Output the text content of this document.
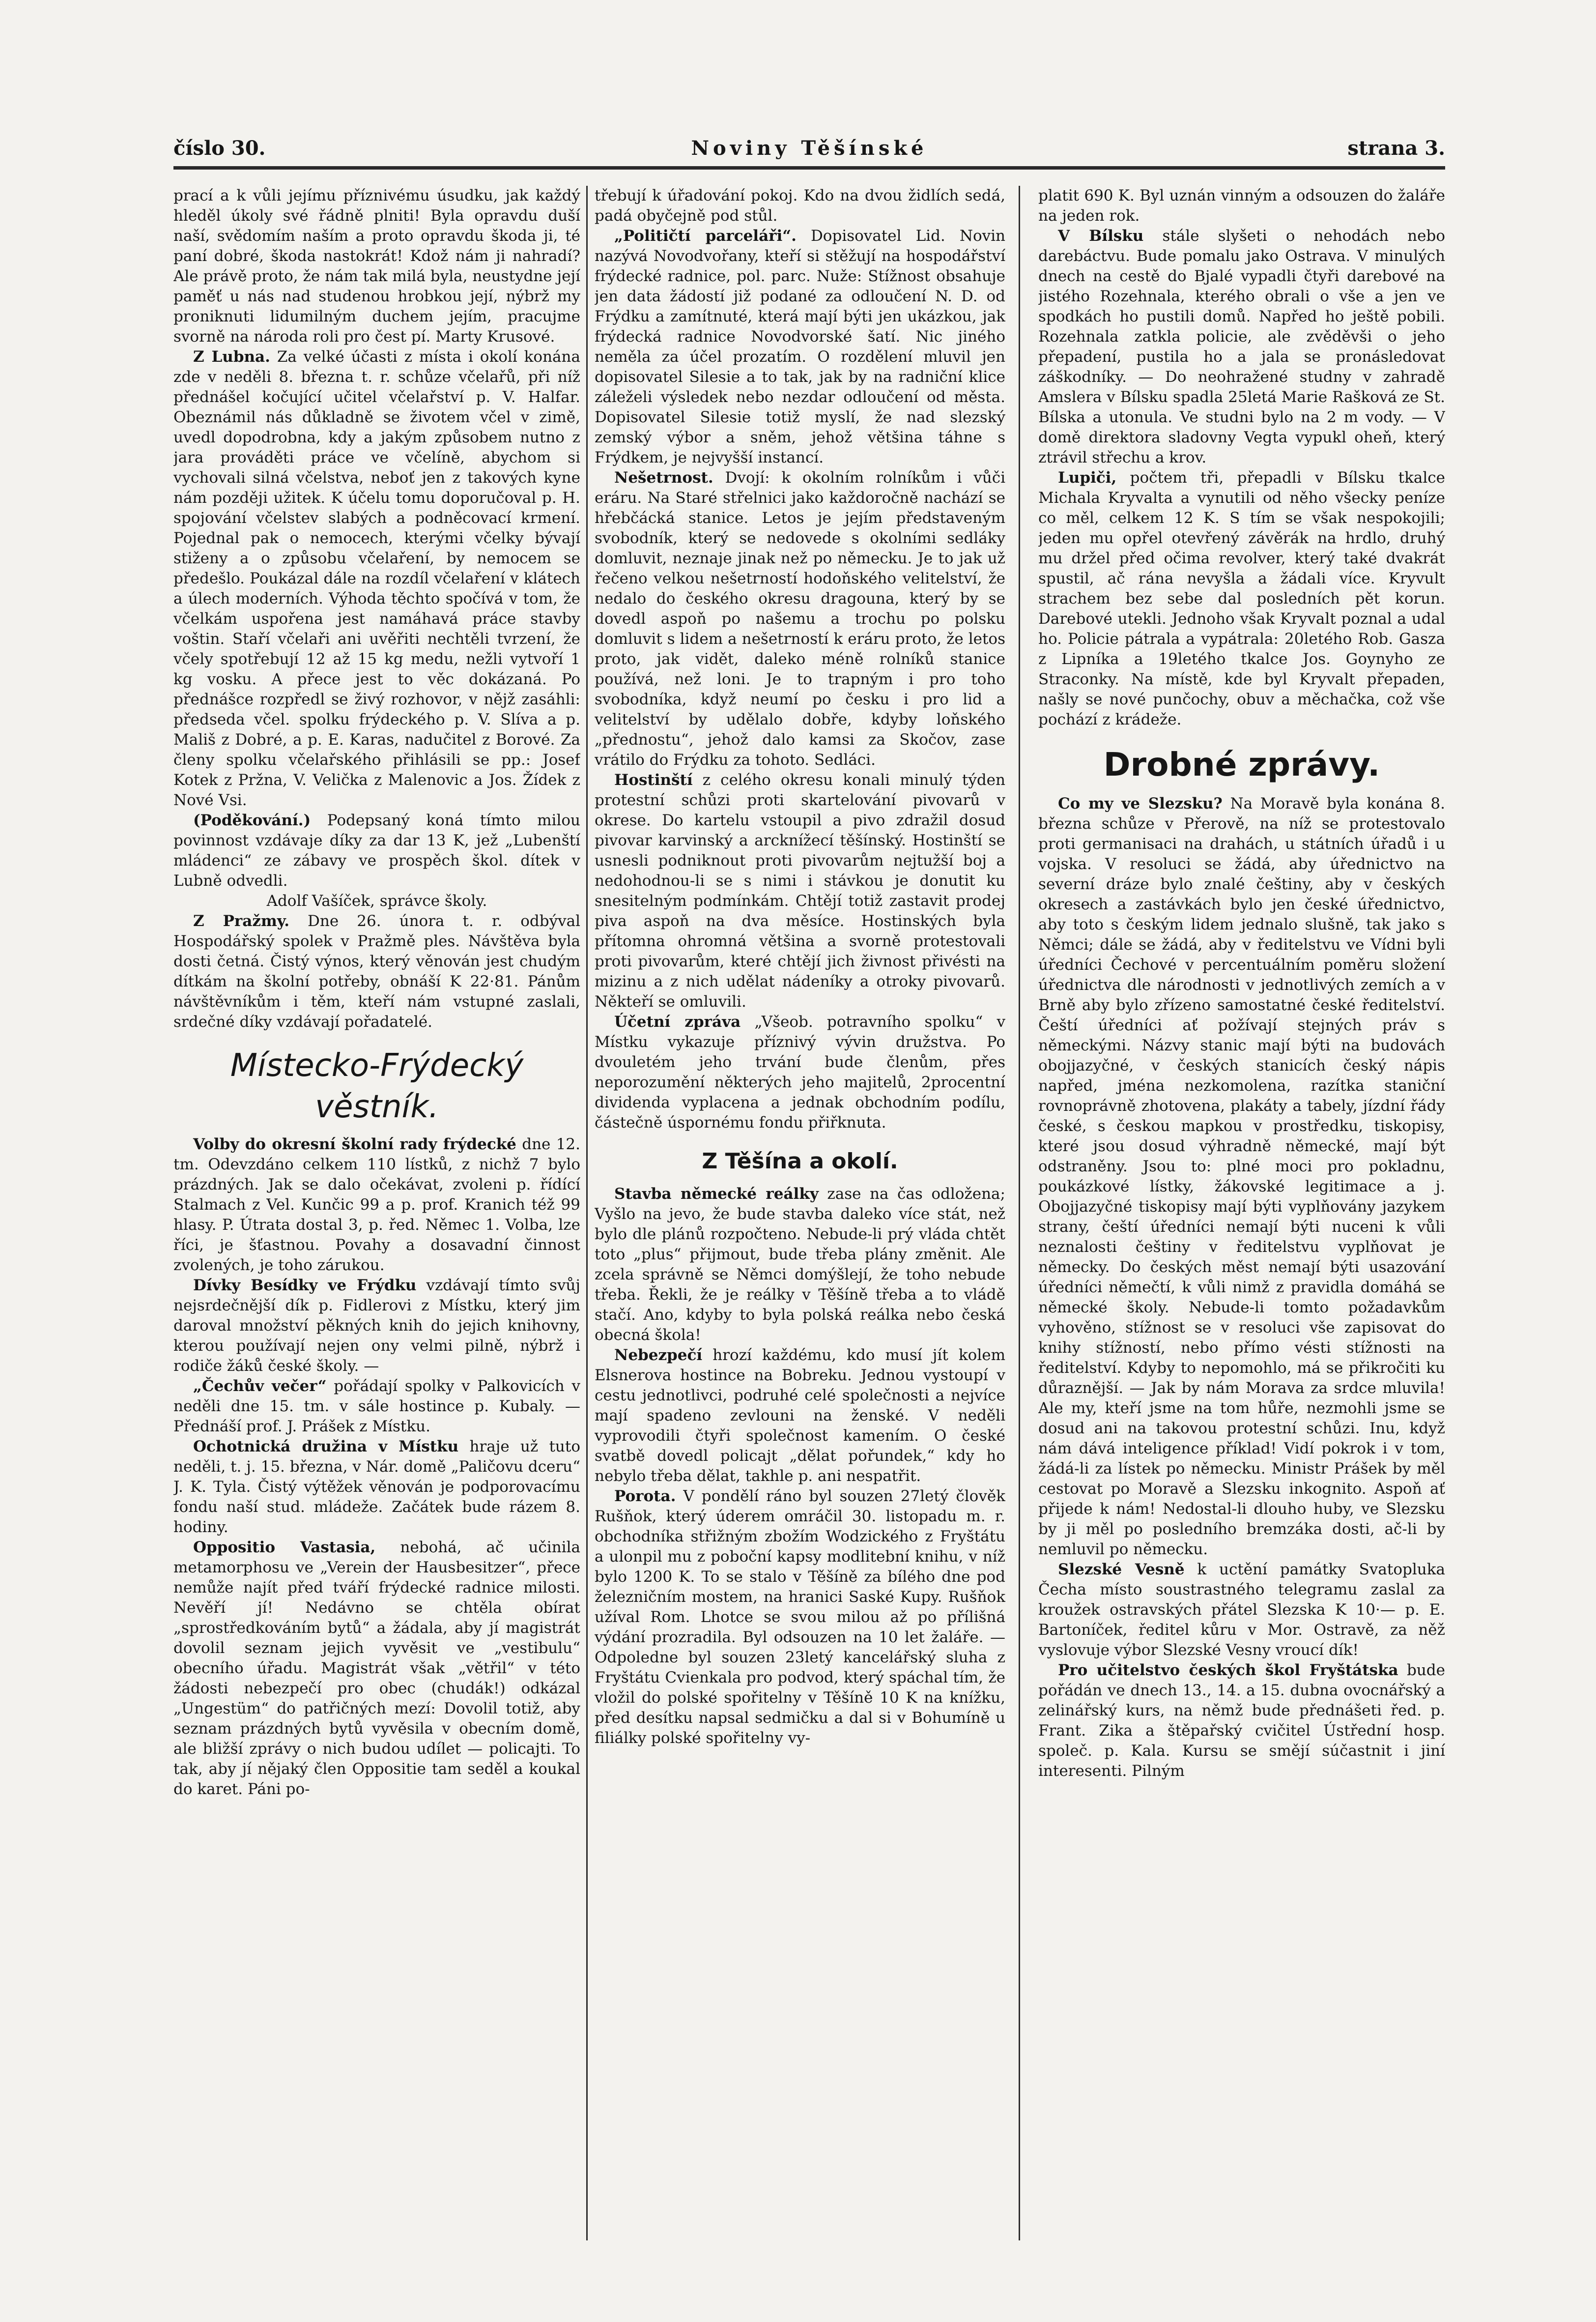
číslo 30.	Noviny Těšínské	strana 3.

prací a k vůli jejímu příznivému úsudku, jak každý hleděl úkoly své řádně plniti! Byla opravdu duší naší, svědomím naším a proto opravdu škoda ji, té paní dobré, škoda nastokrát! Kdož nám ji nahradí? Ale právě proto, že nám tak milá byla, neustydne její paměť u nás nad studenou hrobkou její, nýbrž my proniknuti lidumilným duchem jejím, pracujme svorně na národa roli pro čest pí. Marty Krusové.

Z Lubna. Za velké účasti z místa i okolí konána zde v neděli 8. března t. r. schůze včelařů, při níž přednášel kočující učitel včelařství p. V. Halfar. Obeznámil nás důkladně se životem včel v zimě, uvedl dopodrobna, kdy a jakým způsobem nutno z jara prováděti práce ve včelíně, abychom si vychovali silná včelstva, neboť jen z takových kyne nám později užitek. K účelu tomu doporučoval p. H. spojování včelstev slabých a podněcovací krmení. Pojednal pak o nemocech, kterými včelky bývají stiženy a o způsobu včelaření, by nemocem se předešlo. Poukázal dále na rozdíl včelaření v klátech a úlech moderních. Výhoda těchto spočívá v tom, že včelkám uspořena jest namáhavá práce stavby voštin. Staří včelaři ani uvěřiti nechtěli tvrzení, že včely spotřebují 12 až 15 kg medu, nežli vytvoří 1 kg vosku. A přece jest to věc dokázaná. Po přednášce rozpředl se živý rozhovor, v nějž zasáhli: předseda včel. spolku frýdeckého p. V. Slíva a p. Mališ z Dobré, a p. E. Karas, nadučitel z Borové. Za členy spolku včelařského přihlásili se pp.: Josef Kotek z Pržna, V. Velička z Malenovic a Jos. Žídek z Nové Vsi.

(Poděkování.) Podepsaný koná tímto milou povinnost vzdávaje díky za dar 13 K, jež „Lubenští mládenci“ ze zábavy ve prospěch škol. dítek v Lubně odvedli.

Adolf Vašíček, správce školy.

Z Pražmy. Dne 26. února t. r. odbýval Hospodářský spolek v Pražmě ples. Návštěva byla dosti četná. Čistý výnos, který věnován jest chudým dítkám na školní potřeby, obnáší K 22·81. Pánům návštěvníkům i těm, kteří nám vstupné zaslali, srdečné díky vzdávají pořadatelé.

Místecko-Frýdecký věstník.

Volby do okresní školní rady frýdecké dne 12. tm. Odevzdáno celkem 110 lístků, z nichž 7 bylo prázdných. Jak se dalo očekávat, zvoleni p. řídící Stalmach z Vel. Kunčic 99 a p. prof. Kranich též 99 hlasy. P. Útrata dostal 3, p. řed. Němec 1. Volba, lze říci, je šťastnou. Povahy a dosavadní činnost zvolených, je toho zárukou.

Dívky Besídky ve Frýdku vzdávají tímto svůj nejsrdečnější dík p. Fidlerovi z Místku, který jim daroval množství pěkných knih do jejich knihovny, kterou používají nejen ony velmi pilně, nýbrž i rodiče žáků české školy. —

„Čechův večer“ pořádají spolky v Palkovicích v neděli dne 15. tm. v sále hostince p. Kubaly. — Přednáší prof. J. Prášek z Místku.

Ochotnická družina v Místku hraje už tuto neděli, t. j. 15. března, v Nár. domě „Paličovu dceru“ J. K. Tyla. Čistý výtěžek věnován je podporovacímu fondu naší stud. mládeže. Začátek bude rázem 8. hodiny.

Oppositio Vastasia, nebohá, ač učinila metamorphosu ve „Verein der Hausbesitzer“, přece nemůže najít před tváří frýdecké radnice milosti. Nevěří jí! Nedávno se chtěla obírat „sprostředkováním bytů“ a žádala, aby jí magistrát dovolil seznam jejich vyvěsit ve „vestibulu“ obecního úřadu. Magistrát však „větřil“ v této žádosti nebezpečí pro obec (chudák!) odkázal „Ungestüm“ do patřičných mezí: Dovolil totiž, aby seznam prázdných bytů vyvěsila v obecním domě, ale bližší zprávy o nich budou udílet — policajti. To tak, aby jí nějaký člen Oppositie tam seděl a koukal do karet. Páni po-

třebují k úřadování pokoj. Kdo na dvou židlích sedá, padá obyčejně pod stůl.

„Političtí parceláři“. Dopisovatel Lid. Novin nazývá Novodvořany, kteří si stěžují na hospodářství frýdecké radnice, pol. parc. Nuže: Stížnost obsahuje jen data žádostí již podané za odloučení N. D. od Frýdku a zamítnuté, která mají býti jen ukázkou, jak frýdecká radnice Novodvorské šatí. Nic jiného neměla za účel prozatím. O rozdělení mluvil jen dopisovatel Silesie a to tak, jak by na radniční klice záleželi výsledek nebo nezdar odloučení od města. Dopisovatel Silesie totiž myslí, že nad slezský zemský výbor a sněm, jehož většina táhne s Frýdkem, je nejvyšší instancí.

Nešetrnost. Dvojí: k okolním rolníkům i vůči eráru. Na Staré střelnici jako každoročně nachází se hřebčácká stanice. Letos je jejím představeným svobodník, který se nedovede s okolními sedláky domluvit, neznaje jinak než po německu. Je to jak už řečeno velkou nešetrností hodoňského velitelství, že nedalo do českého okresu dragouna, který by se dovedl aspoň po našemu a trochu po polsku domluvit s lidem a nešetrností k eráru proto, že letos proto, jak vidět, daleko méně rolníků stanice používá, než loni. Je to trapným i pro toho svobodníka, když neumí po česku i pro lid a velitelství by udělalo dobře, kdyby loňského „přednostu“, jehož dalo kamsi za Skočov, zase vrátilo do Frýdku za tohoto. Sedláci.

Hostinští z celého okresu konali minulý týden protestní schůzi proti skartelování pivovarů v okrese. Do kartelu vstoupil a pivo zdražil dosud pivovar karvinský a arcknížecí těšínský. Hostinští se usnesli podniknout proti pivovarům nejtužší boj a nedohodnou-li se s nimi i stávkou je donutit ku snesitelným podmínkám. Chtějí totiž zastavit prodej piva aspoň na dva měsíce. Hostinských byla přítomna ohromná většina a svorně protestovali proti pivovarům, které chtějí jich živnost přivésti na mizinu a z nich udělat nádeníky a otroky pivovarů. Někteří se omluvili.

Účetní zpráva „Všeob. potravního spolku“ v Místku vykazuje příznivý vývin družstva. Po dvouletém jeho trvání bude členům, přes neporozumění některých jeho majitelů, 2procentní dividenda vyplacena a jednak obchodním podílu, částečně úspornému fondu přiřknuta.

Z Těšína a okolí.

Stavba německé reálky zase na čas odložena; Vyšlo na jevo, že bude stavba daleko více stát, než bylo dle plánů rozpočteno. Nebude-li prý vláda chtět toto „plus“ přijmout, bude třeba plány změnit. Ale zcela správně se Němci domýšlejí, že toho nebude třeba. Řekli, že je reálky v Těšíně třeba a to vládě stačí. Ano, kdyby to byla polská reálka nebo česká obecná škola!

Nebezpečí hrozí každému, kdo musí jít kolem Elsnerova hostince na Bobreku. Jednou vystoupí v cestu jednotlivci, podruhé celé společnosti a nejvíce mají spadeno zevlouni na ženské. V neděli vyprovodili čtyři společnost kamením. O české svatbě dovedl policajt „dělat pořundek,“ kdy ho nebylo třeba dělat, takhle p. ani nespatřit.

Porota. V pondělí ráno byl souzen 27letý člověk Rušňok, který úderem omráčil 30. listopadu m. r. obchodníka střižným zbožím Wodzického z Fryštátu a ulonpil mu z poboční kapsy modlitební knihu, v níž bylo 1200 K. To se stalo v Těšíně za bílého dne pod železničním mostem, na hranici Saské Kupy. Rušňok užíval Rom. Lhotce se svou milou až po přílišná výdání prozradila. Byl odsouzen na 10 let žaláře. — Odpoledne byl souzen 23letý kancelářský sluha z Fryštátu Cvienkala pro podvod, který spáchal tím, že vložil do polské spořitelny v Těšíně 10 K na knížku, před desítku napsal sedmičku a dal si v Bohumíně u filiálky polské spořitelny vy-

platit 690 K. Byl uznán vinným a odsouzen do žaláře na jeden rok.

V Bílsku stále slyšeti o nehodách nebo darebáctvu. Bude pomalu jako Ostrava. V minulých dnech na cestě do Bjalé vypadli čtyři darebové na jistého Rozehnala, kterého obrali o vše a jen ve spodkách ho pustili domů. Napřed ho ještě pobili. Rozehnala zatkla policie, ale zvěděvši o jeho přepadení, pustila ho a jala se pronásledovat záškodníky. — Do neohražené studny v zahradě Amslera v Bílsku spadla 25letá Marie Rašková ze St. Bílska a utonula. Ve studni bylo na 2 m vody. — V domě direktora sladovny Vegta vypukl oheň, který ztrávil střechu a krov.

Lupiči, počtem tři, přepadli v Bílsku tkalce Michala Kryvalta a vynutili od něho všecky peníze co měl, celkem 12 K. S tím se však nespokojili; jeden mu opřel otevřený závěrák na hrdlo, druhý mu držel před očima revolver, který také dvakrát spustil, ač rána nevyšla a žádali více. Kryvult strachem bez sebe dal posledních pět korun. Darebové utekli. Jednoho však Kryvalt poznal a udal ho. Policie pátrala a vypátrala: 20letého Rob. Gasza z Lipníka a 19letého tkalce Jos. Goynyho ze Straconky. Na místě, kde byl Kryvalt přepaden, našly se nové punčochy, obuv a měchačka, což vše pochází z krádeže.

Drobné zprávy.

Co my ve Slezsku? Na Moravě byla konána 8. března schůze v Přerově, na níž se protestovalo proti germanisaci na drahách, u státních úřadů i u vojska. V resoluci se žádá, aby úřednictvo na severní dráze bylo znalé češtiny, aby v českých okresech a zastávkách bylo jen české úřednictvo, aby toto s českým lidem jednalo slušně, tak jako s Němci; dále se žádá, aby v ředitelstvu ve Vídni byli úředníci Čechové v percentuálním poměru složení úřednictva dle národnosti v jednotlivých zemích a v Brně aby bylo zřízeno samostatné české ředitelství. Čeští úředníci ať požívají stejných práv s německými. Názvy stanic mají býti na budovách obojjazyčné, v českých stanicích český nápis napřed, jména nezkomolena, razítka staniční rovnoprávně zhotovena, plakáty a tabely, jízdní řády české, s českou mapkou v prostředku, tiskopisy, které jsou dosud výhradně německé, mají být odstraněny. Jsou to: plné moci pro pokladnu, poukázkové lístky, žákovské legitimace a j. Obojjazyčné tiskopisy mají býti vyplňovány jazykem strany, čeští úředníci nemají býti nuceni k vůli neznalosti češtiny v ředitelstvu vyplňovat je německy. Do českých měst nemají býti usazování úředníci němečtí, k vůli nimž z pravidla domáhá se německé školy. Nebude-li tomto požadavkům vyhověno, stížnost se v resoluci vše zapisovat do knihy stížností, nebo přímo vésti stížnosti na ředitelství. Kdyby to nepomohlo, má se přikročiti ku důraznější. — Jak by nám Morava za srdce mluvila! Ale my, kteří jsme na tom hůře, nezmohli jsme se dosud ani na takovou protestní schůzi. Inu, když nám dává inteligence příklad! Vidí pokrok i v tom, žádá-li za lístek po německu. Ministr Prášek by měl cestovat po Moravě a Slezsku inkognito. Aspoň ať přijede k nám! Nedostal-li dlouho huby, ve Slezsku by ji měl po posledního bremzáka dosti, ač-li by nemluvil po německu.

Slezské Vesně k uctění památky Svatopluka Čecha místo soustrastného telegramu zaslal za kroužek ostravských přátel Slezska K 10·— p. E. Bartoníček, ředitel kůru v Mor. Ostravě, za něž vyslovuje výbor Slezské Vesny vroucí dík!

Pro učitelstvo českých škol Fryštátska bude pořádán ve dnech 13., 14. a 15. dubna ovocnářský a zelinářský kurs, na němž bude přednášeti řed. p. Frant. Zika a štěpařský cvičitel Ústřední hosp. společ. p. Kala. Kursu se smějí súčastnit i jiní interesenti. Pilným
